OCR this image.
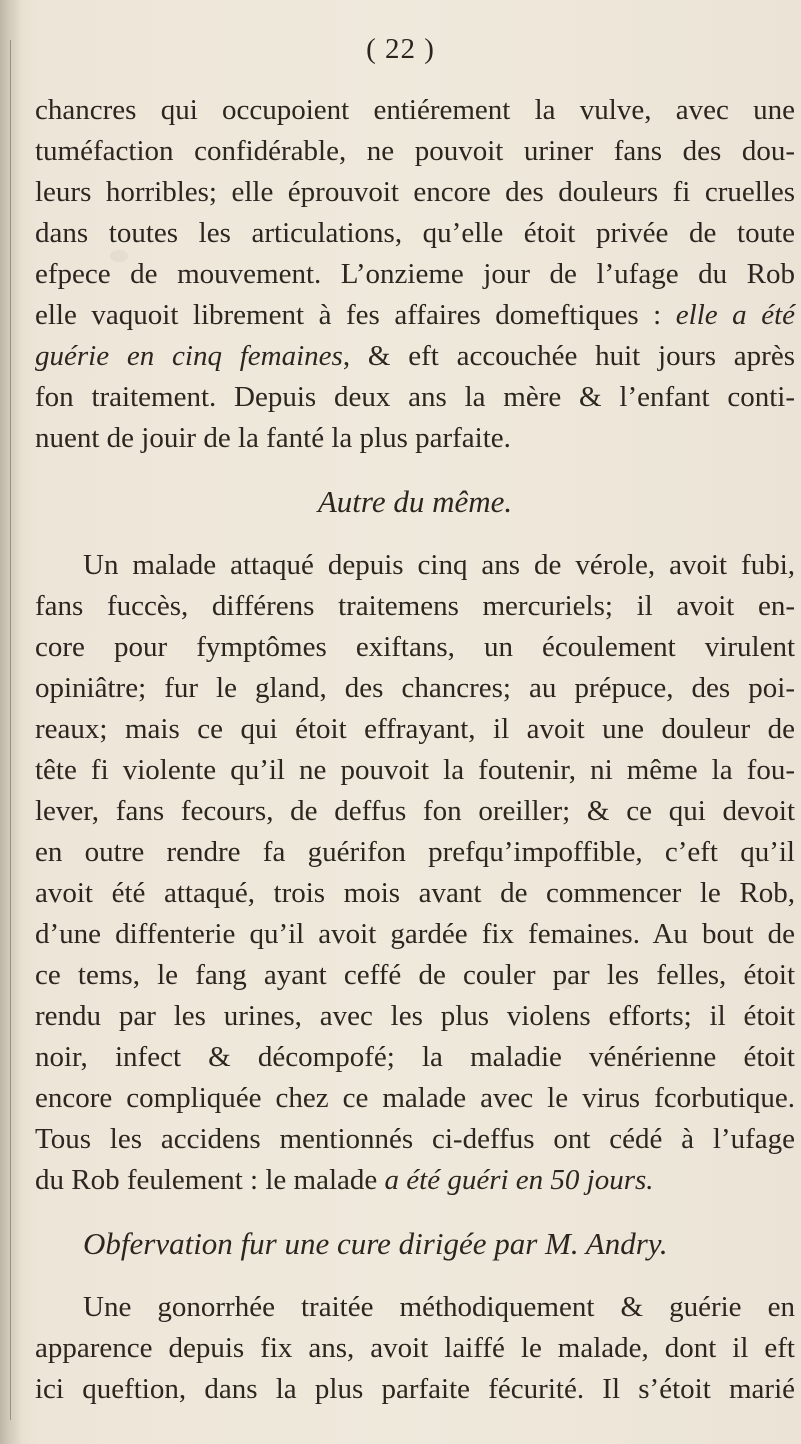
( 22 )
chancres qui occupoient entiérement la vulve, avec une
tuméfaction confidérable, ne pouvoit uriner fans des dou-
leurs horribles; elle éprouvoit encore des douleurs fi cruelles
dans toutes les articulations, qu’elle étoit privée de toute
efpece de mouvement. L’onzieme jour de l’ufage du Rob
elle vaquoit librement à fes affaires domeftiques : elle a été
guérie en cinq femaines, & eft accouchée huit jours après
fon traitement. Depuis deux ans la mère & l’enfant conti-
nuent de jouir de la fanté la plus parfaite.
Autre du même.
Un malade attaqué depuis cinq ans de vérole, avoit fubi,
fans fuccès, différens traitemens mercuriels; il avoit en-
core pour fymptômes exiftans, un écoulement virulent
opiniâtre; fur le gland, des chancres; au prépuce, des poi-
reaux; mais ce qui étoit effrayant, il avoit une douleur de
tête fi violente qu’il ne pouvoit la foutenir, ni même la fou-
lever, fans fecours, de deffus fon oreiller; & ce qui devoit
en outre rendre fa guérifon prefqu’impoffible, c’eft qu’il
avoit été attaqué, trois mois avant de commencer le Rob,
d’une diffenterie qu’il avoit gardée fix femaines. Au bout de
ce tems, le fang ayant ceffé de couler par les felles, étoit
rendu par les urines, avec les plus violens efforts; il étoit
noir, infect & décompofé; la maladie vénérienne étoit
encore compliquée chez ce malade avec le virus fcorbutique.
Tous les accidens mentionnés ci-deffus ont cédé à l’ufage
du Rob feulement : le malade a été guéri en 50 jours.
Obfervation fur une cure dirigée par M. Andry.
Une gonorrhée traitée méthodiquement & guérie en
apparence depuis fix ans, avoit laiffé le malade, dont il eft
ici queftion, dans la plus parfaite fécurité. Il s’étoit marié
